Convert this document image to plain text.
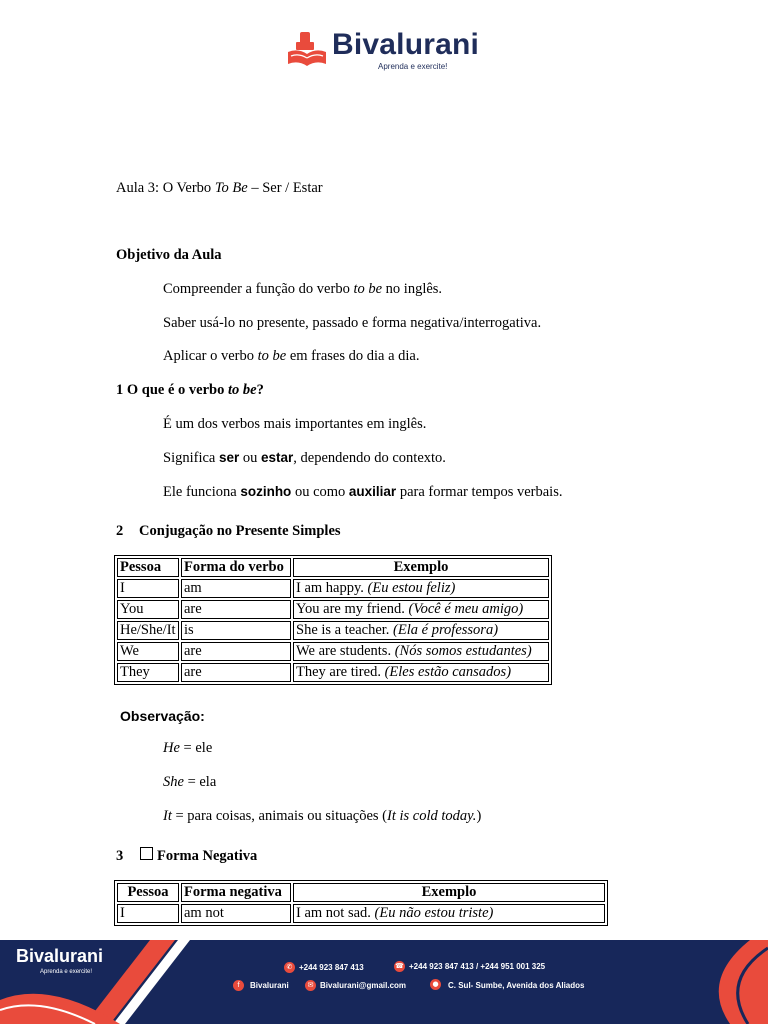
Bivalurani
Aprenda e exercite!
Aula 3: O Verbo To Be – Ser / Estar
Objetivo da Aula
Compreender a função do verbo to be no inglês.
Saber usá-lo no presente, passado e forma negativa/interrogativa.
Aplicar o verbo to be em frases do dia a dia.
1 O que é o verbo to be?
É um dos verbos mais importantes em inglês.
Significa ser ou estar, dependendo do contexto.
Ele funciona sozinho ou como auxiliar para formar tempos verbais.
2 Conjugação no Presente Simples
Pessoa	Forma do verbo	Exemplo
I	am	I am happy. (Eu estou feliz)
You	are	You are my friend. (Você é meu amigo)
He/She/It	is	She is a teacher. (Ela é professora)
We	are	We are students. (Nós somos estudantes)
They	are	They are tired. (Eles estão cansados)
Observação:
He = ele
She = ela
It = para coisas, animais ou situações (It is cold today.)
3 Forma Negativa
Pessoa	Forma negativa	Exemplo
I	am not	I am not sad. (Eu não estou triste)
Bivalurani
Aprenda e exercite!
✆ +244 923 847 413	☎ +244 923 847 413 / +244 951 001 325
f	Bivalurani	✉ Bivalurani@gmail.com	●	C. Sul- Sumbe, Avenida dos Aliados
